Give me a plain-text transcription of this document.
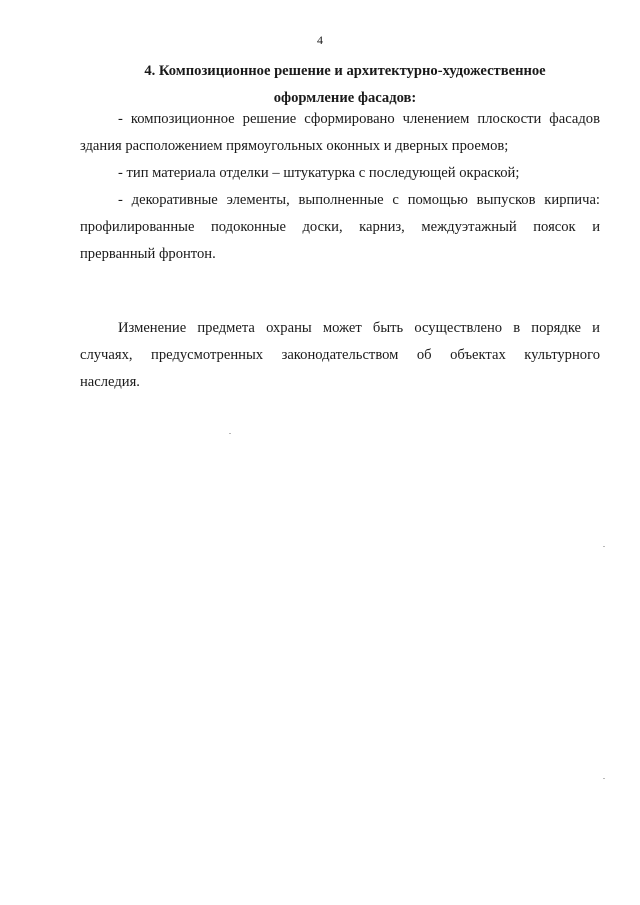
4
4. Композиционное решение и архитектурно-художественное
оформление фасадов:
- композиционное решение сформировано членением плоскости фасадов
здания расположением прямоугольных оконных и дверных проемов;
- тип материала отделки – штукатурка с последующей окраской;
- декоративные элементы, выполненные с помощью выпусков кирпича:
профилированные подоконные доски, карниз, междуэтажный поясок и
прерванный фронтон.
Изменение предмета охраны может быть осуществлено в порядке и
случаях, предусмотренных законодательством об объектах культурного
наследия.
